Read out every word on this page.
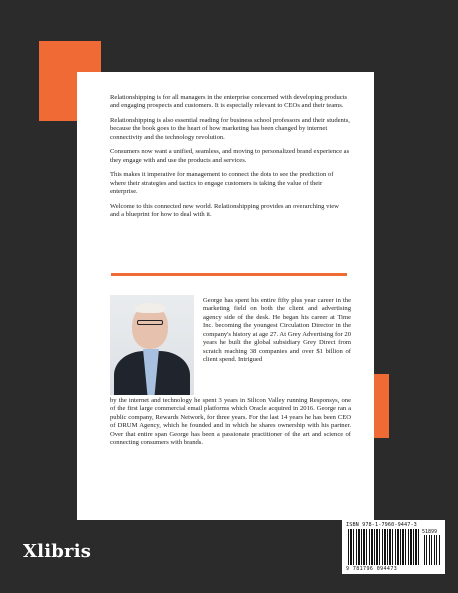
Relationshipping is for all managers in the enterprise concerned with developing products and engaging prospects and customers. It is especially relevant to CEOs and their teams.

Relationshipping is also essential reading for business school professors and their students, because the book goes to the heart of how marketing has been changed by internet connectivity and the technology revolution.

Consumers now want a unified, seamless, and moving to personalized brand experience as they engage with and use the products and services.

This makes it imperative for management to connect the dots to see the prediction of where their strategies and tactics to engage customers is taking the value of their enterprise.

Welcome to this connected new world. Relationshipping provides an overarching view and a blueprint for how to deal with it.

George has spent his entire fifty plus year career in the marketing field on both the client and advertising agency side of the desk. He began his career at Time Inc. becoming the youngest Circulation Director in the company's history at age 27. At Grey Advertising for 20 years he built the global subsidiary Grey Direct from scratch reaching 38 companies and over $1 billion of client spend. Intrigued
by the internet and technology he spent 3 years in Silicon Valley running Responsys, one of the first large commercial email platforms which Oracle acquired in 2016. George ran a public company, Rewards Network, for three years. For the last 14 years he has been CEO of DRUM Agency, which he founded and in which he shares ownership with his partner. Over that entire span George has been a passionate practitioner of the art and science of connecting consumers with brands.
ISBN 978-1-7960-9447-3
51899
9 781796 094473
Xlibris
